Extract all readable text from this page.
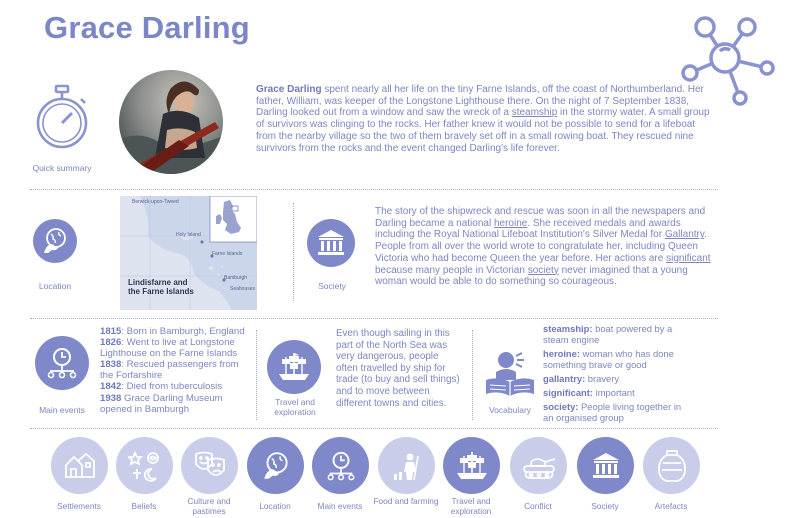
Grace Darling
Quick summary
Grace Darling spent nearly all her life on the tiny Farne Islands, off the coast of Northumberland. Her father, William, was keeper of the Longstone Lighthouse there. On the night of 7 September 1838, Darling looked out from a window and saw the wreck of a steamship in the stormy water. A small group of survivors was clinging to the rocks. Her father knew it would not be possible to send for a lifeboat from the nearby village so the two of them bravely set off in a small rowing boat. They rescued nine survivors from the rocks and the event changed Darling's life forever.
Location
Berwick-upon-Tweed
Holy Island
Farne Islands
Bamburgh
Seahouses
Lindisfarne and
the Farne Islands
Society
The story of the shipwreck and rescue was soon in all the newspapers and Darling became a national heroine. She received medals and awards including the Royal National Lifeboat Institution's Silver Medal for Gallantry. People from all over the world wrote to congratulate her, including Queen Victoria who had become Queen the year before. Her actions are significant because many people in Victorian society never imagined that a young woman would be able to do something so courageous.
Main events
1815: Born in Bamburgh, England
1826: Went to live at Longstone Lighthouse on the Farne Islands
1838: Rescued passengers from the Forfarshire
1842: Died from tuberculosis
1938 Grace Darling Museum opened in Bamburgh
Travel and
exploration
Even though sailing in this part of the North Sea was very dangerous, people often travelled by ship for trade (to buy and sell things) and to move between different towns and cities.
Vocabulary
steamship: boat powered by a steam engine
heroine: woman who has done something brave or good
gallantry: bravery
significant: important
society: People living together in an organised group
Settlements	Beliefs	Culture and pastimes	Location	Main events	Food and farming	Travel and exploration	Conflict	Society	Artefacts
